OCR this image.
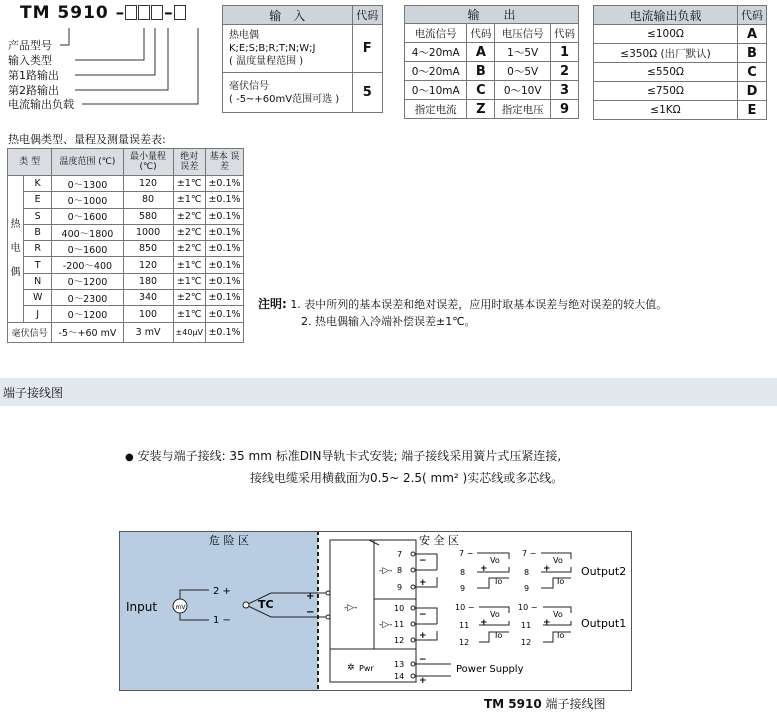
TM 5910 – –
产品型号
输入类型
第1路输出
第2路输出
电流输出负载
输　入	代码

热电偶
K;E;S;B;R;T;N;W;J
( 温度量程范围 )	F

毫伏信号
( -5~+60mV范围可选 )	5
输　　出			
电流信号	代码	电压信号	代码
4～20mA	A	1～5V	1
0～20mA	B	0～5V	2
0～10mA	C	0～10V	3
指定电流	Z	指定电压	9
电流输出负载	代码
≤100Ω	A
≤350Ω (出厂默认)	B
≤550Ω	C
≤750Ω	D
≤1KΩ	E
热电偶类型、量程及测量误差表:
类 型		温度范围 (℃)	最小量程 (℃)	绝对 误差	基本 误差
热电偶	K	0～1300	120	±1℃	±0.1%
	E	0～1000	80	±1℃	±0.1%
	S	0～1600	580	±2℃	±0.1%
	B	400～1800	1000	±2℃	±0.1%
	R	0～1600	850	±2℃	±0.1%
	T	-200～400	120	±1℃	±0.1%
	N	0～1200	180	±1℃	±0.1%
	W	0～2300	340	±2℃	±0.1%
	J	0～1200	100	±1℃	±0.1%
毫伏信号		-5～+60 mV	3 mV	±40μV	±0.1%
注明: 1. 表中所列的基本误差和绝对误差，应用时取基本误差与绝对误差的较大值。
2. 热电偶输入冷端补偿误差±1℃。
端子接线图
● 安装与端子接线: 35 mm 标准DIN导轨卡式安装; 端子接线采用簧片式压紧连接,
接线电缆采用横截面为0.5~ 2.5( mm² )实芯线或多芯线。
危 险 区	安 全 区
Input	mV
2 +
1 −
TC
+
−	-▷-
-▷-
-▷-
✲ Pwr
7
8
9
10
11
12
13
14
−
+
−
+
−
+
Power Supply
7 −
8
9
10 −
11
12
Vo
Io
Vo
Io
+
+
7 −
8
9
10 −
11
12
Vo
Io
Vo
Io
+
+
Output2
Output1
TM 5910 端子接线图
